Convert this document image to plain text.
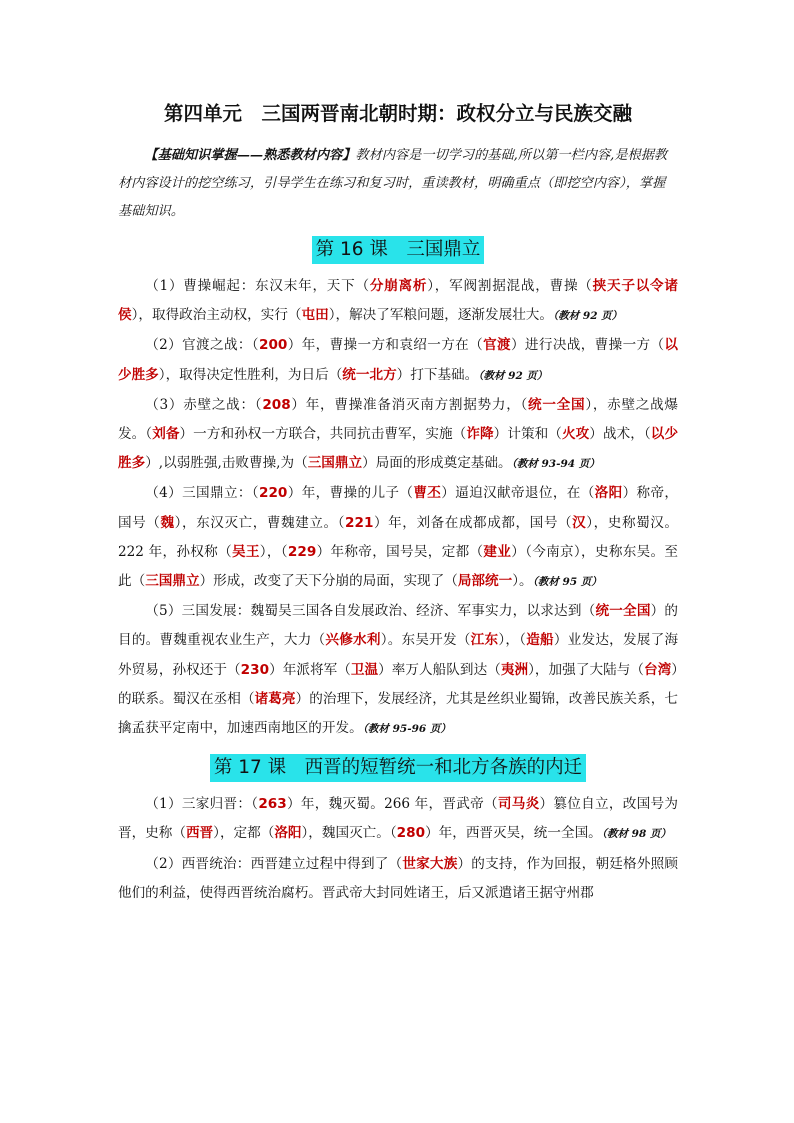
第四单元　三国两晋南北朝时期：政权分立与民族交融

【基础知识掌握——熟悉教材内容】教材内容是一切学习的基础,所以第一栏内容,是根据教材内容设计的挖空练习，引导学生在练习和复习时，重读教材，明确重点（即挖空内容），掌握基础知识。

第 16 课　三国鼎立

（1）曹操崛起：东汉末年，天下（分崩离析），军阀割据混战，曹操（挟天子以令诸侯），取得政治主动权，实行（屯田），解决了军粮问题，逐渐发展壮大。（教材 92 页）

（2）官渡之战：（200）年，曹操一方和袁绍一方在（官渡）进行决战，曹操一方（以少胜多），取得决定性胜利，为日后（统一北方）打下基础。（教材 92 页）

（3）赤壁之战：（208）年，曹操准备消灭南方割据势力，（统一全国），赤壁之战爆发。（刘备）一方和孙权一方联合，共同抗击曹军，实施（诈降）计策和（火攻）战术，（以少胜多）,以弱胜强,击败曹操,为（三国鼎立）局面的形成奠定基础。（教材 93-94 页）

（4）三国鼎立：（220）年，曹操的儿子（曹丕）逼迫汉献帝退位，在（洛阳）称帝，国号（魏），东汉灭亡，曹魏建立。（221）年，刘备在成都成都，国号（汉），史称蜀汉。222 年，孙权称（吴王），（229）年称帝，国号吴，定都（建业）（今南京），史称东吴。至此（三国鼎立）形成，改变了天下分崩的局面，实现了（局部统一）。（教材 95 页）

（5）三国发展：魏蜀吴三国各自发展政治、经济、军事实力，以求达到（统一全国）的目的。曹魏重视农业生产，大力（兴修水利）。东吴开发（江东），（造船）业发达，发展了海外贸易，孙权还于（230）年派将军（卫温）率万人船队到达（夷洲），加强了大陆与（台湾）的联系。蜀汉在丞相（诸葛亮）的治理下，发展经济，尤其是丝织业蜀锦，改善民族关系，七擒孟获平定南中，加速西南地区的开发。（教材 95-96 页）

第 17 课　西晋的短暂统一和北方各族的内迁

（1）三家归晋：（263）年，魏灭蜀。266 年，晋武帝（司马炎）篡位自立，改国号为晋，史称（西晋），定都（洛阳），魏国灭亡。（280）年，西晋灭吴，统一全国。（教材 98 页）

（2）西晋统治：西晋建立过程中得到了（世家大族）的支持，作为回报，朝廷格外照顾他们的利益，使得西晋统治腐朽。晋武帝大封同姓诸王，后又派遣诸王据守州郡
